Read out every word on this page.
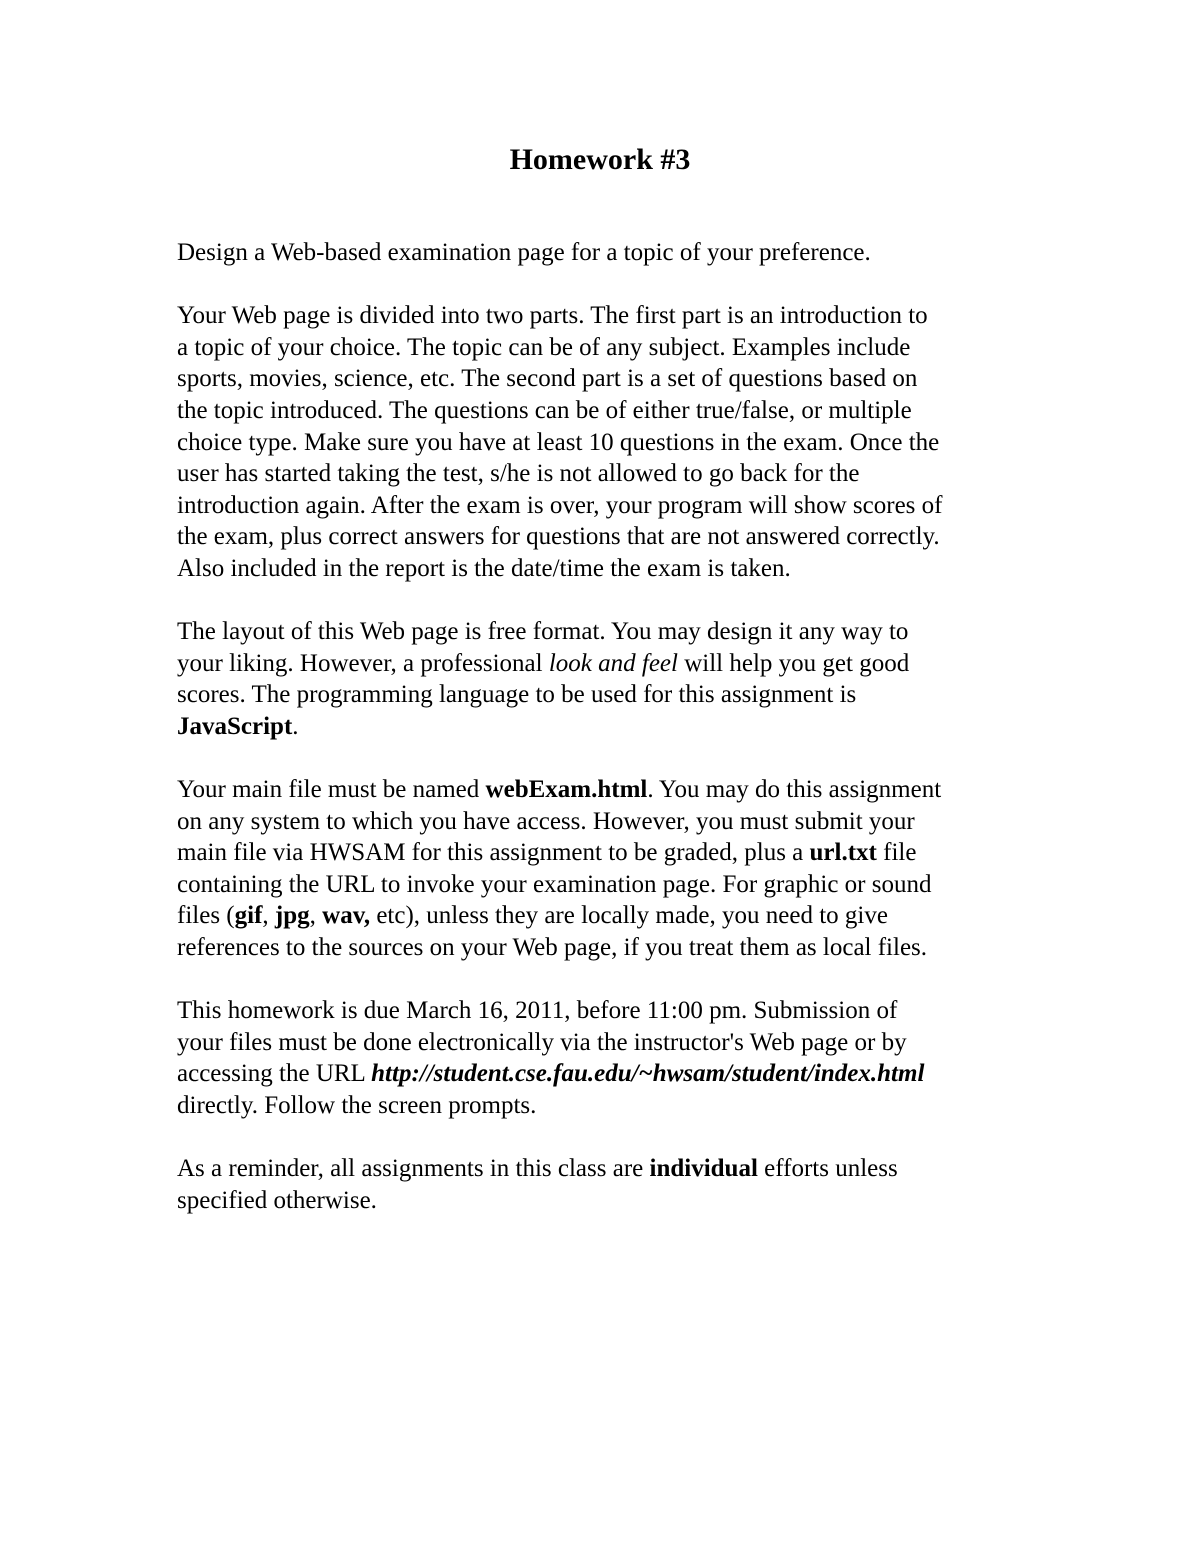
Homework #3

Design a Web-based examination page for a topic of your preference.

Your Web page is divided into two parts. The first part is an introduction to
a topic of your choice. The topic can be of any subject. Examples include
sports, movies, science, etc. The second part is a set of questions based on
the topic introduced. The questions can be of either true/false, or multiple
choice type. Make sure you have at least 10 questions in the exam. Once the
user has started taking the test, s/he is not allowed to go back for the
introduction again. After the exam is over, your program will show scores of
the exam, plus correct answers for questions that are not answered correctly.
Also included in the report is the date/time the exam is taken.

The layout of this Web page is free format. You may design it any way to
your liking. However, a professional look and feel will help you get good
scores. The programming language to be used for this assignment is
JavaScript.

Your main file must be named webExam.html. You may do this assignment
on any system to which you have access. However, you must submit your
main file via HWSAM for this assignment to be graded, plus a url.txt file
containing the URL to invoke your examination page. For graphic or sound
files (gif, jpg, wav, etc), unless they are locally made, you need to give
references to the sources on your Web page, if you treat them as local files.

This homework is due March 16, 2011, before 11:00 pm. Submission of
your files must be done electronically via the instructor's Web page or by
accessing the URL http://student.cse.fau.edu/~hwsam/student/index.html
directly. Follow the screen prompts.

As a reminder, all assignments in this class are individual efforts unless
specified otherwise.
